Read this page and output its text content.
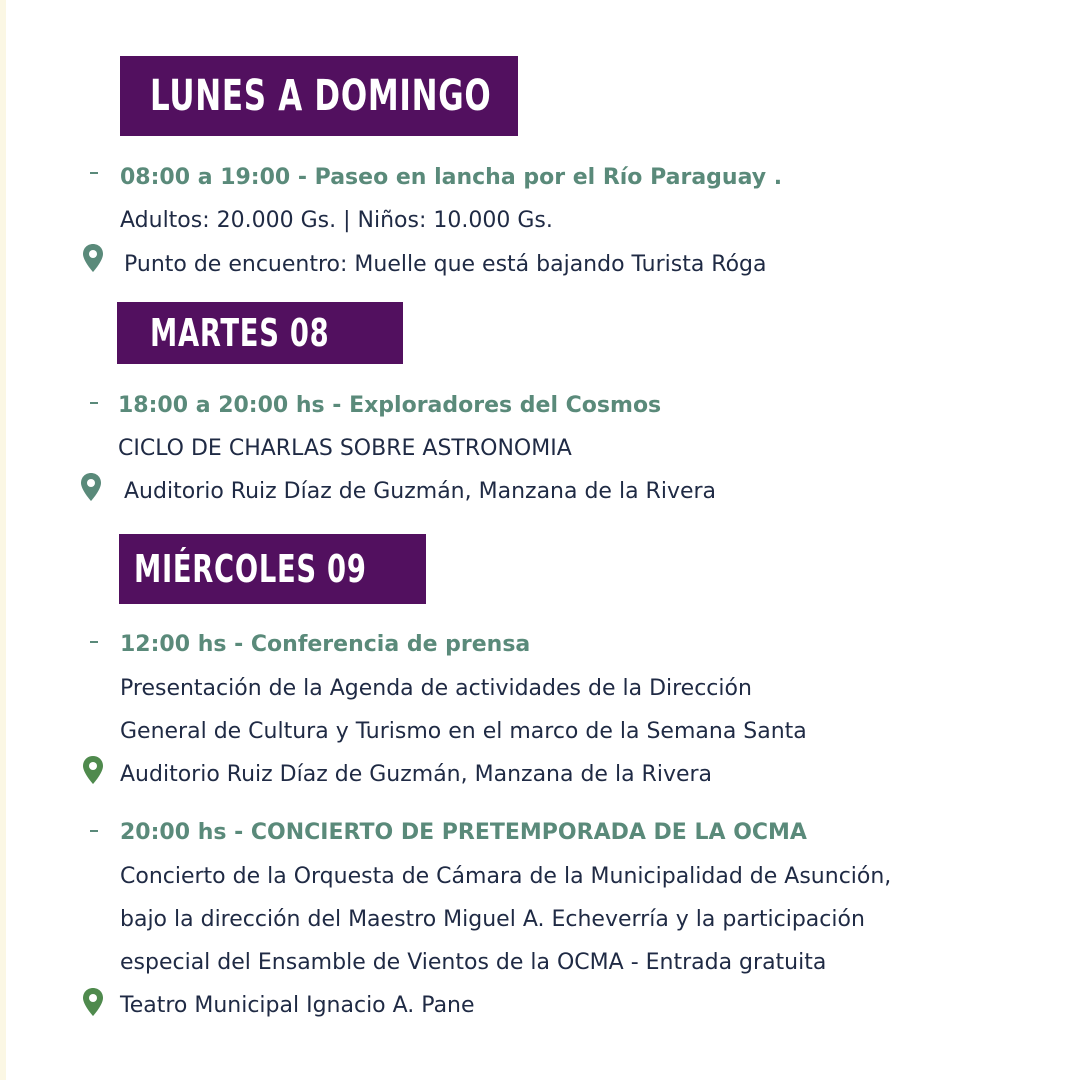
LUNES A DOMINGO
08:00 a 19:00 - Paseo en lancha por el Río Paraguay .
Adultos: 20.000 Gs. | Niños: 10.000 Gs.
Punto de encuentro: Muelle que está bajando Turista Róga
MARTES 08
18:00 a 20:00 hs - Exploradores del Cosmos
CICLO DE CHARLAS SOBRE ASTRONOMIA
Auditorio Ruiz Díaz de Guzmán, Manzana de la Rivera
MIÉRCOLES 09
12:00 hs - Conferencia de prensa
Presentación de la Agenda de actividades de la Dirección
General de Cultura y Turismo en el marco de la Semana Santa
Auditorio Ruiz Díaz de Guzmán, Manzana de la Rivera
20:00 hs - CONCIERTO DE PRETEMPORADA DE LA OCMA
Concierto de la Orquesta de Cámara de la Municipalidad de Asunción,
bajo la dirección del Maestro Miguel A. Echeverría y la participación
especial del Ensamble de Vientos de la OCMA - Entrada gratuita
Teatro Municipal Ignacio A. Pane
